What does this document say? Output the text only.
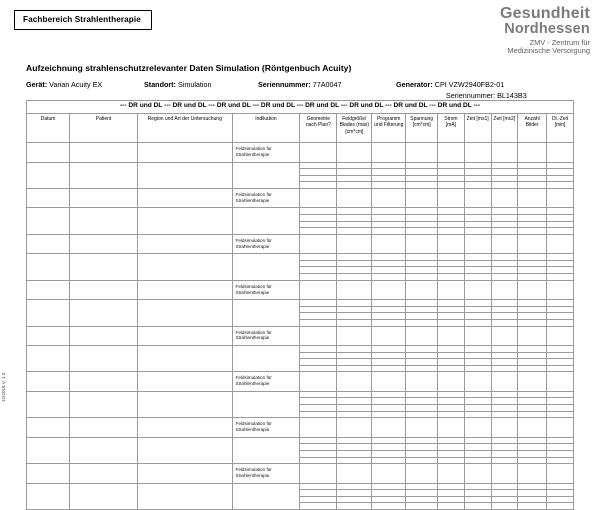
Fachbereich Strahlentherapie	Gesundheit
Nordhessen
ZMV - Zentrum für
Medizinische Versorgung
Aufzeichnung strahlenschutzrelevanter Daten Simulation (Röntgenbuch Acuity)
Gerät: Varian Acuity EX	Standort: Simulation	Seriennummer: 77A0047	Generator: CPI VZW2940FB2-01
Seriennummer: BL143B3
--- DR und DL --- DR und DL --- DR und DL --- DR und DL --- DR und DL --- DR und DL --- DR und DL --- DR und DL ---												
Datum	Patient	Region und Art der Untersuchung	Indikation	Geometrie nach Plan?	Feldgröße/ Blades (max) [cm*cm]	Programm und Filterung	Spannung [cm*cm]	Strom [mA]	Zeit [ms1]	Zeit [ms2]	Anzahl Bilder	Dl.-Zeit [min]
			Feldsimulation für Strahlentherapie									

			Feldsimulation für Strahlentherapie									

			Feldsimulation für Strahlentherapie									

			Feldsimulation für Strahlentherapie									

			Feldsimulation für Strahlentherapie									

			Feldsimulation für Strahlentherapie									

			Feldsimulation für Strahlentherapie									

			Feldsimulation für Strahlentherapie									

12/2018 V. 1.0
